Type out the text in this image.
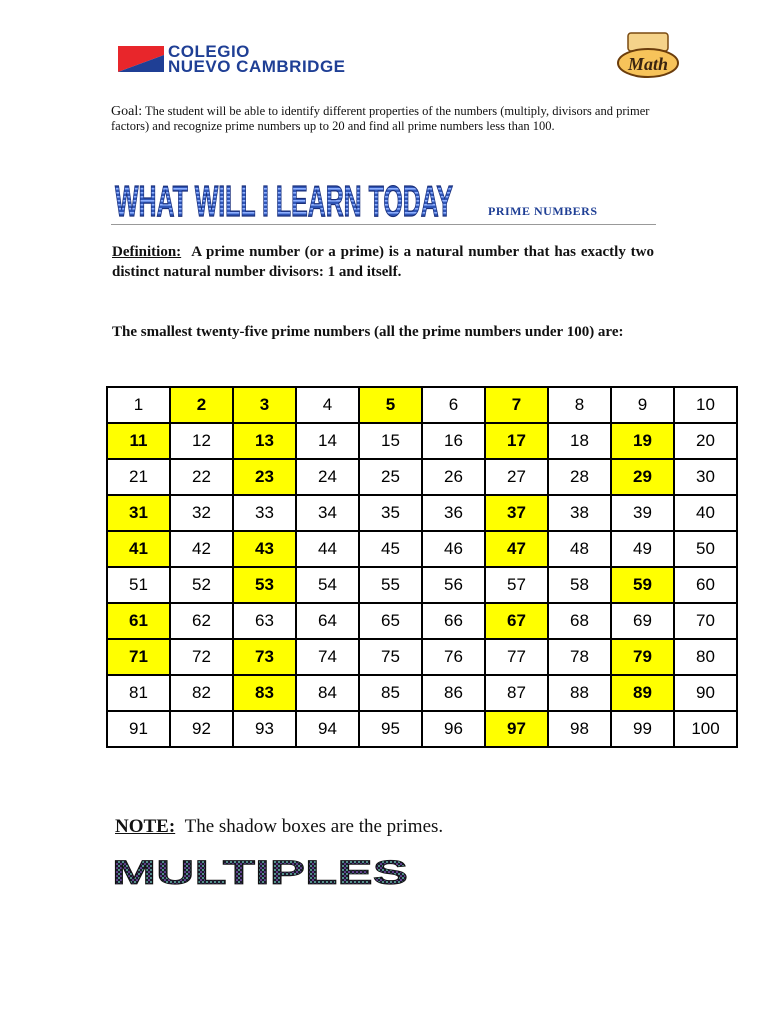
COLEGIO
NUEVO CAMBRIDGE	Math
Goal: The student will be able to identify different properties of the numbers (multiply, divisors and primer factors) and recognize prime numbers up to 20 and find all prime numbers less than 100.
WHAT WILL I LEARN TODAY	PRIME NUMBERS
Definition: A prime number (or a prime) is a natural number that has exactly two distinct natural number divisors: 1 and itself.
The smallest twenty-five prime numbers (all the prime numbers under 100) are:
1	2	3	4	5	6	7	8	9	10
11	12	13	14	15	16	17	18	19	20
21	22	23	24	25	26	27	28	29	30
31	32	33	34	35	36	37	38	39	40
41	42	43	44	45	46	47	48	49	50
51	52	53	54	55	56	57	58	59	60
61	62	63	64	65	66	67	68	69	70
71	72	73	74	75	76	77	78	79	80
81	82	83	84	85	86	87	88	89	90
91	92	93	94	95	96	97	98	99	100
NOTE: The shadow boxes are the primes.
MULTIPLES
